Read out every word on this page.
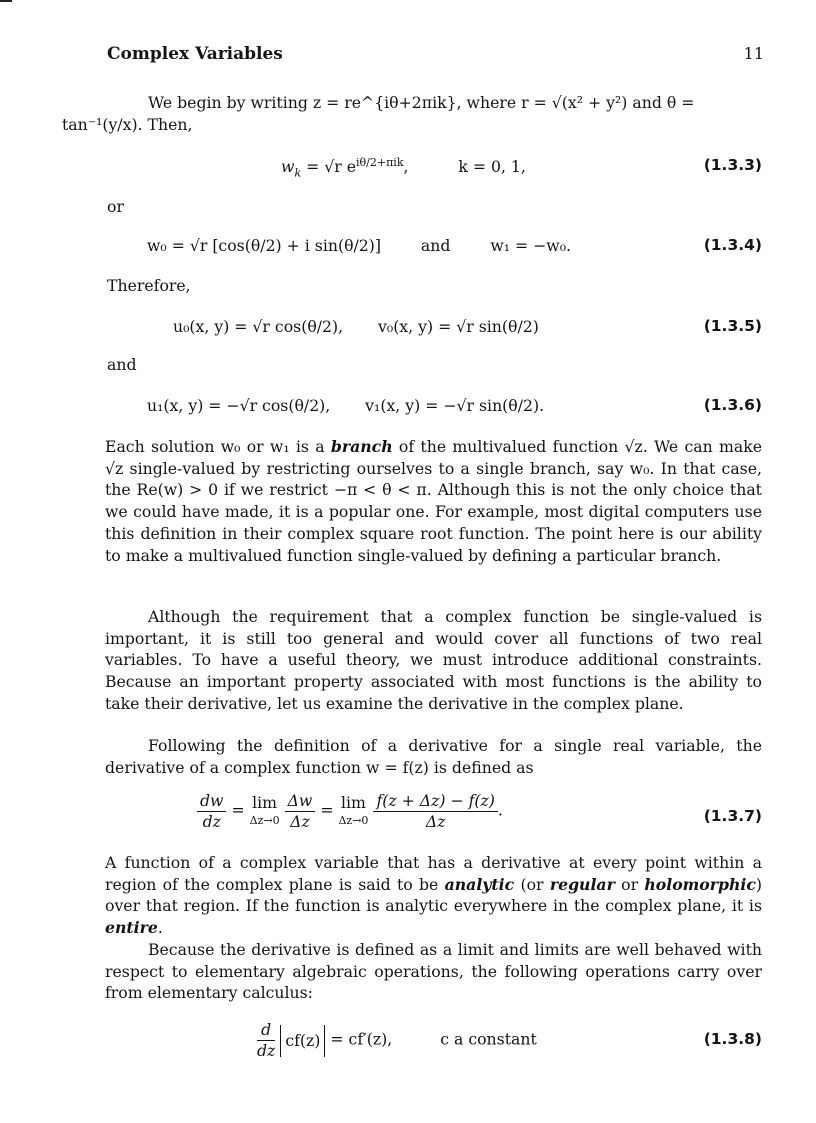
Complex Variables	11

We begin by writing z = re^{iθ+2πik}, where r = √(x² + y²) and θ =
tan⁻¹(y/x). Then,

$w_k = √r$ $e^{i\theta/2+\pi ik}$,          k = 0, 1,	(1.3.3)
or
w₀ = √r [cos(θ/2) + i sin(θ/2)]        and        w₁ = −w₀.	(1.3.4)
Therefore,
u₀(x, y) = √r cos(θ/2),       v₀(x, y) = √r sin(θ/2)	(1.3.5)
and
u₁(x, y) = −√r cos(θ/2),       v₁(x, y) = −√r sin(θ/2).	(1.3.6)

Each solution w₀ or w₁ is a branch of the multivalued function √z. We can make √z single-valued by restricting ourselves to a single branch, say w₀. In that case, the Re(w) > 0 if we restrict −π < θ < π. Although this is not the only choice that we could have made, it is a popular one. For example, most digital computers use this definition in their complex square root function. The point here is our ability to make a multivalued function single-valued by defining a particular branch.

Although the requirement that a complex function be single-valued is important, it is still too general and would cover all functions of two real variables. To have a useful theory, we must introduce additional constraints. Because an important property associated with most functions is the ability to take their derivative, let us examine the derivative in the complex plane.

Following the definition of a derivative for a single real variable, the derivative of a complex function w = f(z) is defined as

$\frac{dw}{dz} = \lim$
Δz→0
$\frac{\Delta w}{\Delta z} = \lim$
Δz→0
$\frac{f(z + \Delta z) - f(z)}{\Delta z}$ .	(1.3.7)

A function of a complex variable that has a derivative at every point within a region of the complex plane is said to be analytic (or regular or holomorphic) over that region. If the function is analytic everywhere in the complex plane, it is entire.

Because the derivative is defined as a limit and limits are well behaved with respect to elementary algebraic operations, the following operations carry over from elementary calculus:

$\frac{d}{dz} cf(z) = cf'(z)$,	c a constant	(1.3.8)
